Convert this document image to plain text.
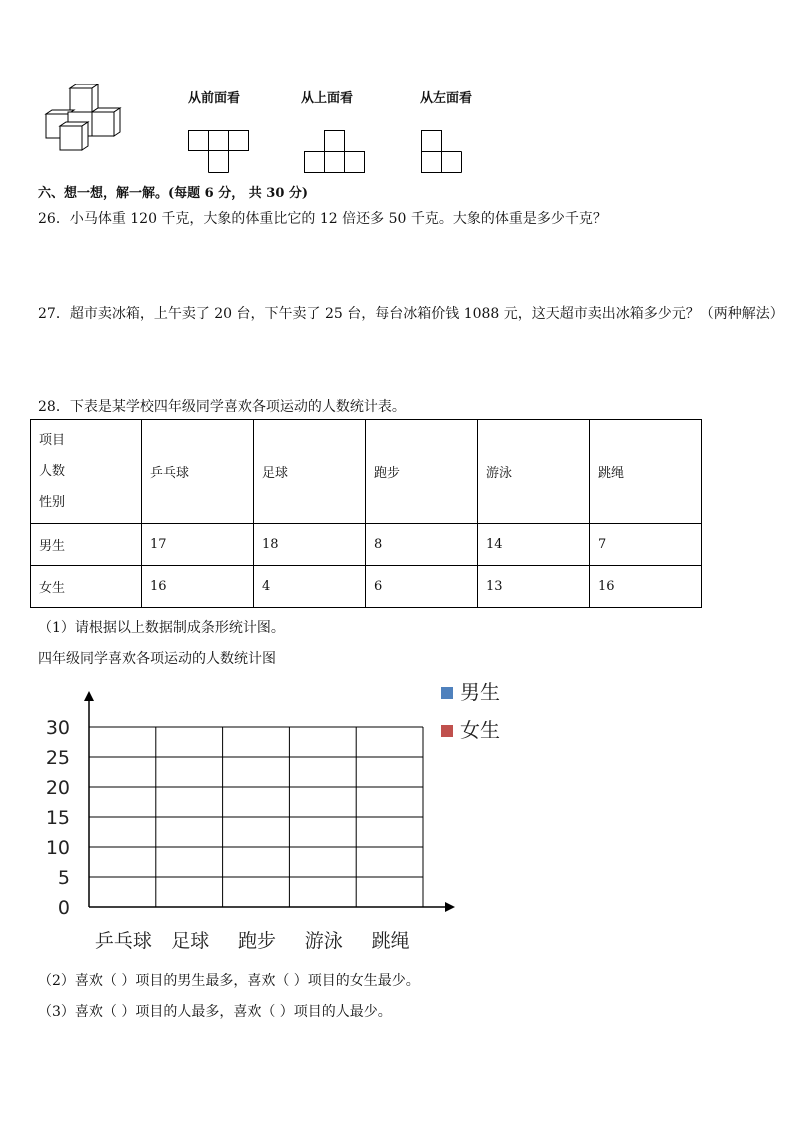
从前面看	从上面看	从左面看
六、想一想，解一解。(每题 6 分， 共 30 分)
26．小马体重 120 千克，大象的体重比它的 12 倍还多 50 千克。大象的体重是多少千克？
27．超市卖冰箱，上午卖了 20 台，下午卖了 25 台，每台冰箱价钱 1088 元，这天超市卖出冰箱多少元？（两种解法）
28．下表是某学校四年级同学喜欢各项运动的人数统计表。
项目
人数
性别	乒乓球	足球	跑步	游泳	跳绳
男生	17	18	8	14	7
女生	16	4	6	13	16
（1）请根据以上数据制成条形统计图。
四年级同学喜欢各项运动的人数统计图
0
5
10
15
20
25
30
乒乓球 足球 跑步 游泳 跳绳
男生
女生
（2）喜欢（ ）项目的男生最多，喜欢（ ）项目的女生最少。
（3）喜欢（ ）项目的人最多，喜欢（ ）项目的人最少。
